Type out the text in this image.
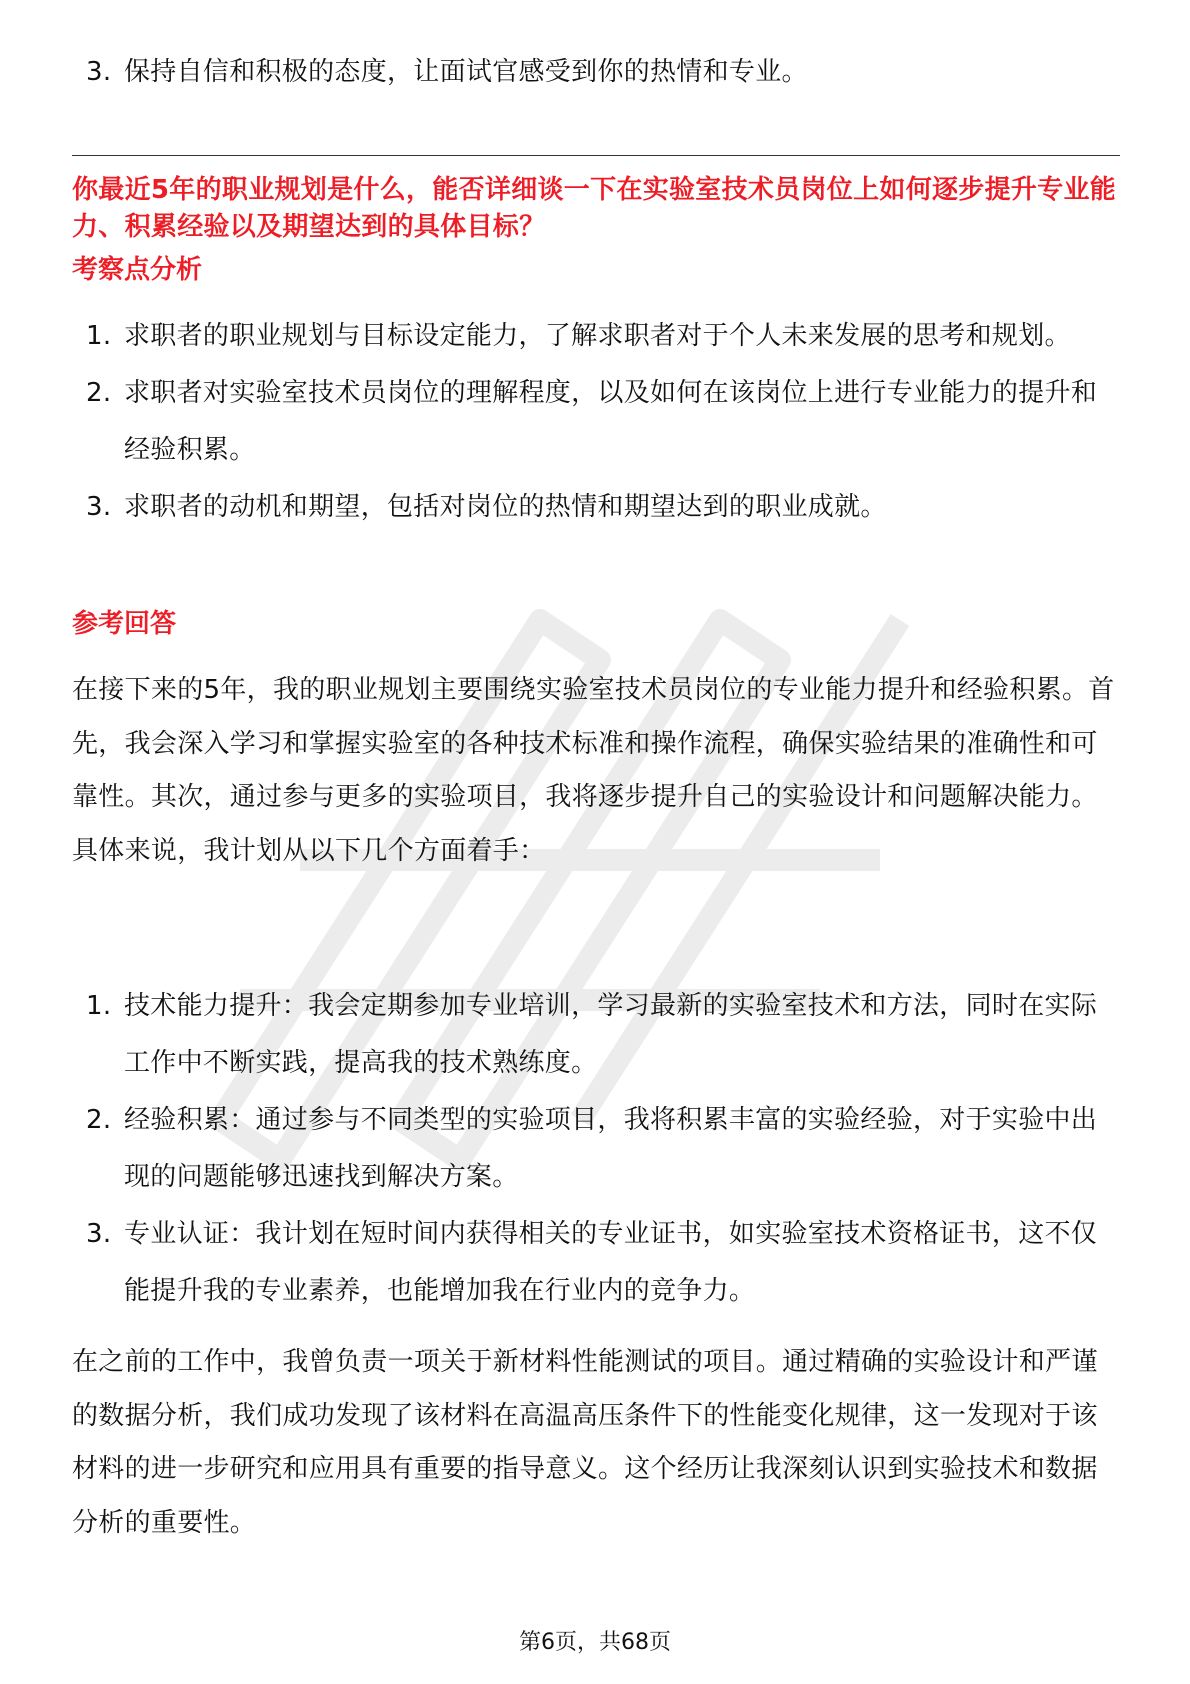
3. 保持自信和积极的态度，让面试官感受到你的热情和专业。
你最近5年的职业规划是什么，能否详细谈一下在实验室技术员岗位上如何逐步提升专业能力、积累经验以及期望达到的具体目标？
考察点分析
1. 求职者的职业规划与目标设定能力，了解求职者对于个人未来发展的思考和规划。
2. 求职者对实验室技术员岗位的理解程度，以及如何在该岗位上进行专业能力的提升和经验积累。
3. 求职者的动机和期望，包括对岗位的热情和期望达到的职业成就。
参考回答

在接下来的5年，我的职业规划主要围绕实验室技术员岗位的专业能力提升和经验积累。首先，我会深入学习和掌握实验室的各种技术标准和操作流程，确保实验结果的准确性和可靠性。其次，通过参与更多的实验项目，我将逐步提升自己的实验设计和问题解决能力。具体来说，我计划从以下几个方面着手：

1. 技术能力提升：我会定期参加专业培训，学习最新的实验室技术和方法，同时在实际工作中不断实践，提高我的技术熟练度。
2. 经验积累：通过参与不同类型的实验项目，我将积累丰富的实验经验，对于实验中出现的问题能够迅速找到解决方案。
3. 专业认证：我计划在短时间内获得相关的专业证书，如实验室技术资格证书，这不仅能提升我的专业素养，也能增加我在行业内的竞争力。

在之前的工作中，我曾负责一项关于新材料性能测试的项目。通过精确的实验设计和严谨的数据分析，我们成功发现了该材料在高温高压条件下的性能变化规律，这一发现对于该材料的进一步研究和应用具有重要的指导意义。这个经历让我深刻认识到实验技术和数据分析的重要性。

第6页，共68页
